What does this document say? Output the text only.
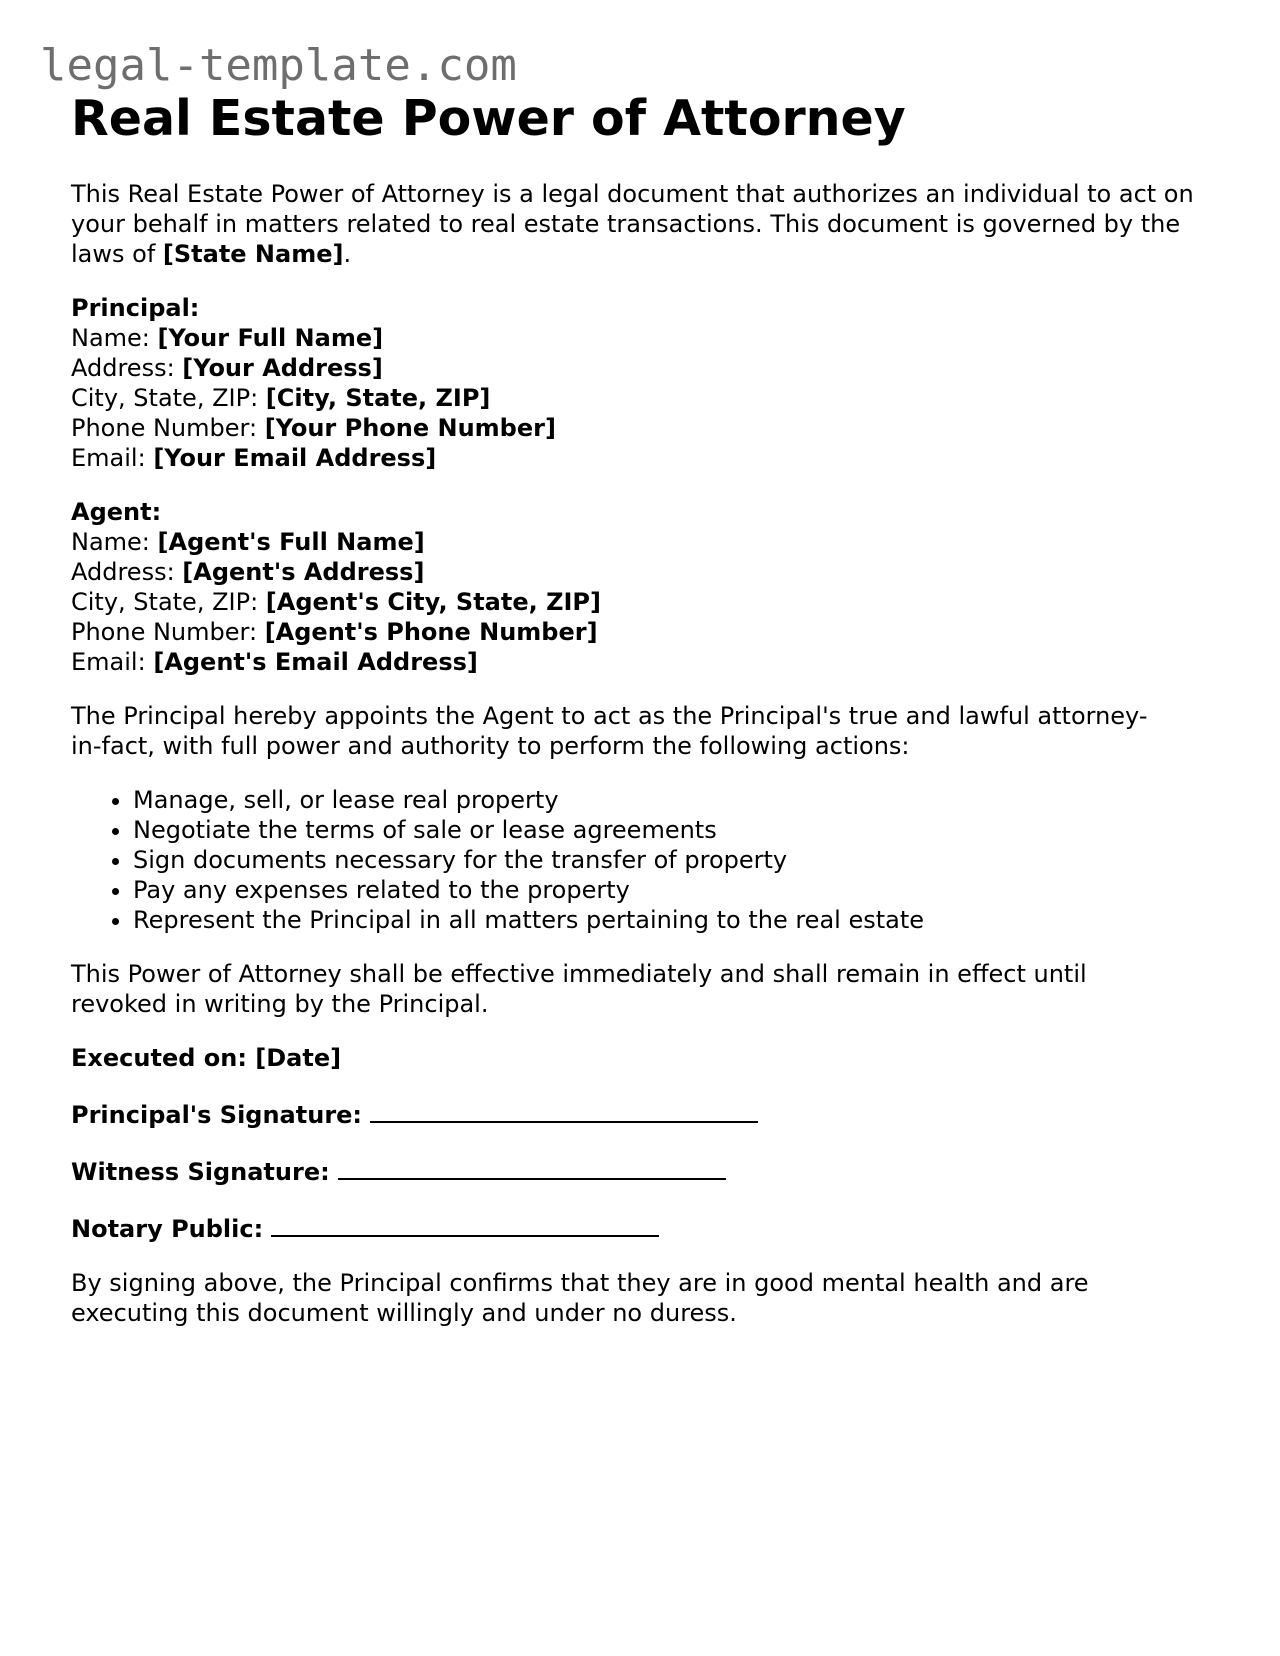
legal-template.com
Real Estate Power of Attorney

This Real Estate Power of Attorney is a legal document that authorizes an individual to act on your behalf in matters related to real estate transactions. This document is governed by the laws of [State Name].

Principal:
Name: [Your Full Name]
Address: [Your Address]
City, State, ZIP: [City, State, ZIP]
Phone Number: [Your Phone Number]
Email: [Your Email Address]
Agent:
Name: [Agent's Full Name]
Address: [Agent's Address]
City, State, ZIP: [Agent's City, State, ZIP]
Phone Number: [Agent's Phone Number]
Email: [Agent's Email Address]
The Principal hereby appoints the Agent to act as the Principal's true and lawful attorney-
in-fact, with full power and authority to perform the following actions:
• Manage, sell, or lease real property
• Negotiate the terms of sale or lease agreements
• Sign documents necessary for the transfer of property
• Pay any expenses related to the property
• Represent the Principal in all matters pertaining to the real estate
This Power of Attorney shall be effective immediately and shall remain in effect until
revoked in writing by the Principal.

Executed on: [Date]

Principal's Signature:

Witness Signature:

Notary Public:

By signing above, the Principal confirms that they are in good mental health and are
executing this document willingly and under no duress.
